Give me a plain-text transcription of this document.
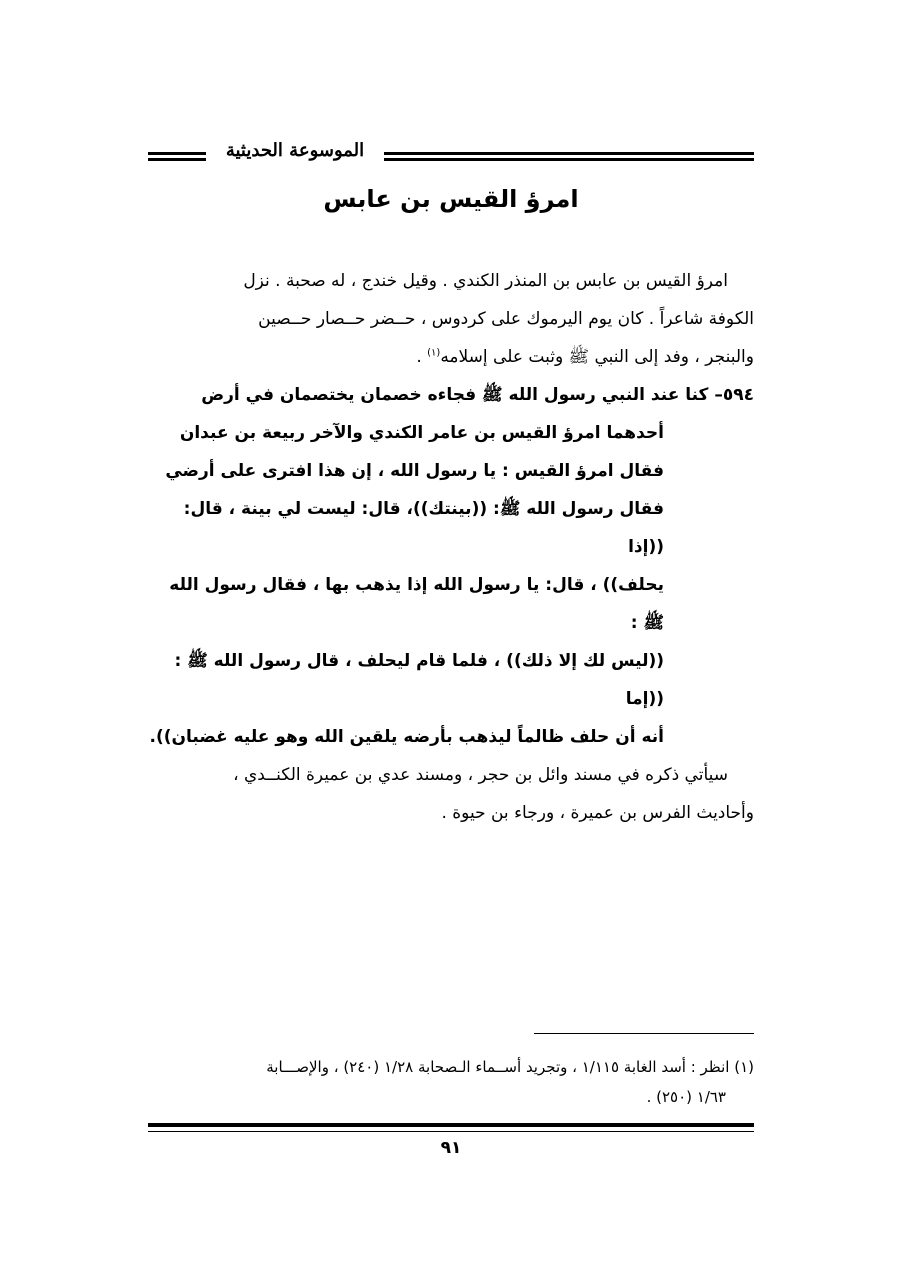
الموسوعة الحديثية
امرؤ القيس بن عابس
امرؤ القيس بن عابس بن المنذر الكندي . وقيل خندج ، له صحبة . نزل
الكوفة شاعراً . كان يوم اليرموك على كردوس ، حــضر حــصار حــصين
والبنجر ، وفد إلى النبي ﷺ وثبت على إسلامه$^{(١)}$ .
٥٩٤– كنا عند النبي رسول الله ﷺ فجاءه خصمان يختصمان في أرض
أحدهما امرؤ القيس بن عامر الكندي والآخر ربيعة بن عبدان
فقال امرؤ القيس : يا رسول الله ، إن هذا افترى على أرضي
فقال رسول الله ﷺ: ((بينتك))، قال: ليست لي بينة ، قال: ((إذا
يحلف)) ، قال: يا رسول الله إذا يذهب بها ، فقال رسول الله ﷺ :
((ليس لك إلا ذلك)) ، فلما قام ليحلف ، قال رسول الله ﷺ : ((إما
أنه أن حلف ظالماً ليذهب بأرضه يلقين الله وهو عليه غضبان)).
سيأتي ذكره في مسند وائل بن حجر ، ومسند عدي بن عميرة الكنــدي ،
وأحاديث الفرس بن عميرة ، ورجاء بن حيوة .
(١) انظر : أسد الغابة ١/١١٥ ، وتجريد أســماء الـصحابة ١/٢٨ (٢٤٠) ، والإصـــابة
١/٦٣ (٢٥٠) .
٩١
